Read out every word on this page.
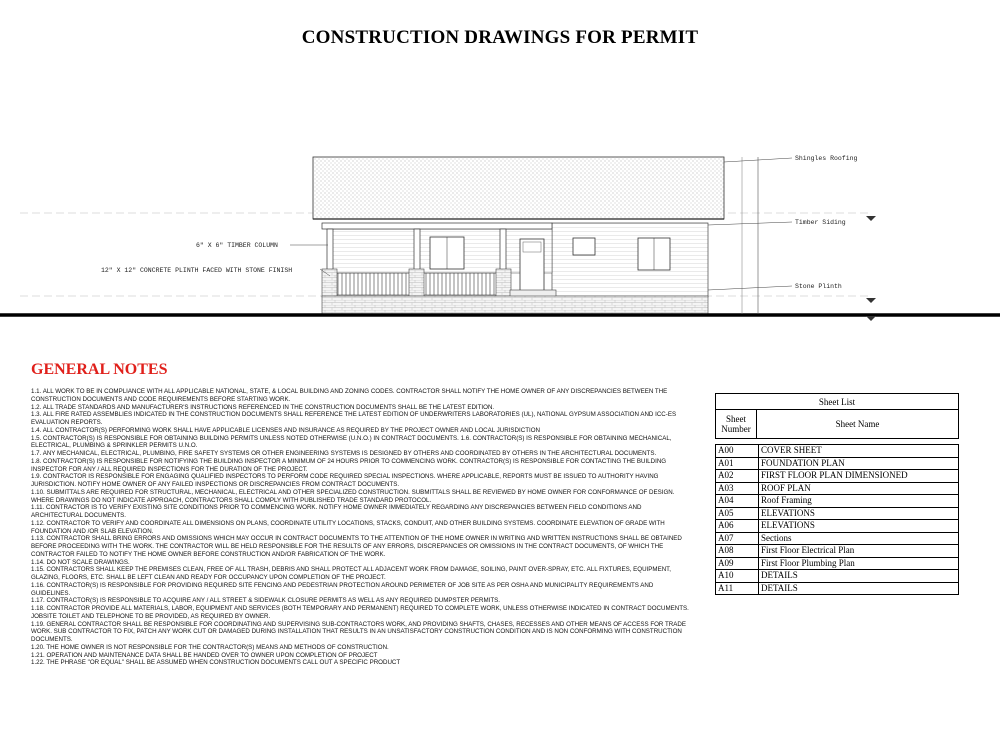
CONSTRUCTION DRAWINGS FOR PERMIT
6" X 6" TIMBER COLUMN
12" X 12" CONCRETE PLINTH FACED WITH STONE FINISH
Shingles Roofing
Timber Siding
Stone Plinth
GENERAL NOTES
1.1. ALL WORK TO BE IN COMPLIANCE WITH ALL APPLICABLE NATIONAL, STATE, & LOCAL BUILDING AND ZONING CODES. CONTRACTOR SHALL NOTIFY THE HOME OWNER OF ANY DISCREPANCIES BETWEEN THE CONSTRUCTION DOCUMENTS AND CODE REQUIREMENTS BEFORE STARTING WORK.
1.2. ALL TRADE STANDARDS AND MANUFACTURER'S INSTRUCTIONS REFERENCED IN THE CONSTRUCTION DOCUMENTS SHALL BE THE LATEST EDITION.
1.3. ALL FIRE RATED ASSEMBLIES INDICATED IN THE CONSTRUCTION DOCUMENTS SHALL REFERENCE THE LATEST EDITION OF UNDERWRITERS LABORATORIES (UL), NATIONAL GYPSUM ASSOCIATION AND ICC-ES EVALUATION REPORTS.
1.4. ALL CONTRACTOR(S) PERFORMING WORK SHALL HAVE APPLICABLE LICENSES AND INSURANCE AS REQUIRED BY THE PROJECT OWNER AND LOCAL JURISDICTION
1.5. CONTRACTOR(S) IS RESPONSIBLE FOR OBTAINING BUILDING PERMITS UNLESS NOTED OTHERWISE (U.N.O.) IN CONTRACT DOCUMENTS. 1.6. CONTRACTOR(S) IS RESPONSIBLE FOR OBTAINING MECHANICAL, ELECTRICAL, PLUMBING & SPRINKLER PERMITS U.N.O.
1.7. ANY MECHANICAL, ELECTRICAL, PLUMBING, FIRE SAFETY SYSTEMS OR OTHER ENGINEERING SYSTEMS IS DESIGNED BY OTHERS AND COORDINATED BY OTHERS IN THE ARCHITECTURAL DOCUMENTS.
1.8. CONTRACTOR(S) IS RESPONSIBLE FOR NOTIFYING THE BUILDING INSPECTOR A MINIMUM OF 24 HOURS PRIOR TO COMMENCING WORK. CONTRACTOR(S) IS RESPONSIBLE FOR CONTACTING THE BUILDING INSPECTOR FOR ANY / ALL REQUIRED INSPECTIONS FOR THE DURATION OF THE PROJECT.
1.9. CONTRACTOR IS RESPONSIBLE FOR ENGAGING QUALIFIED INSPECTORS TO PERFORM CODE REQUIRED SPECIAL INSPECTIONS. WHERE APPLICABLE, REPORTS MUST BE ISSUED TO AUTHORITY HAVING JURISDICTION. NOTIFY HOME OWNER OF ANY FAILED INSPECTIONS OR DISCREPANCIES FROM CONTRACT DOCUMENTS.
1.10. SUBMITTALS ARE REQUIRED FOR STRUCTURAL, MECHANICAL, ELECTRICAL AND OTHER SPECIALIZED CONSTRUCTION. SUBMITTALS SHALL BE REVIEWED BY HOME OWNER FOR CONFORMANCE OF DESIGN. WHERE DRAWINGS DO NOT INDICATE APPROACH, CONTRACTORS SHALL COMPLY WITH PUBLISHED TRADE STANDARD PROTOCOL.
1.11. CONTRACTOR IS TO VERIFY EXISTING SITE CONDITIONS PRIOR TO COMMENCING WORK. NOTIFY HOME OWNER IMMEDIATELY REGARDING ANY DISCREPANCIES BETWEEN FIELD CONDITIONS AND ARCHITECTURAL DOCUMENTS.
1.12. CONTRACTOR TO VERIFY AND COORDINATE ALL DIMENSIONS ON PLANS, COORDINATE UTILITY LOCATIONS, STACKS, CONDUIT, AND OTHER BUILDING SYSTEMS. COORDINATE ELEVATION OF GRADE WITH FOUNDATION AND /OR SLAB ELEVATION.
1.13. CONTRACTOR SHALL BRING ERRORS AND OMISSIONS WHICH MAY OCCUR IN CONTRACT DOCUMENTS TO THE ATTENTION OF THE HOME OWNER IN WRITING AND WRITTEN INSTRUCTIONS SHALL BE OBTAINED BEFORE PROCEEDING WITH THE WORK. THE CONTRACTOR WILL BE HELD RESPONSIBLE FOR THE RESULTS OF ANY ERRORS, DISCREPANCIES OR OMISSIONS IN THE CONTRACT DOCUMENTS, OF WHICH THE CONTRACTOR FAILED TO NOTIFY THE HOME OWNER BEFORE CONSTRUCTION AND/OR FABRICATION OF THE WORK.
1.14. DO NOT SCALE DRAWINGS.
1.15. CONTRACTORS SHALL KEEP THE PREMISES CLEAN, FREE OF ALL TRASH, DEBRIS AND SHALL PROTECT ALL ADJACENT WORK FROM DAMAGE, SOILING, PAINT OVER-SPRAY, ETC. ALL FIXTURES, EQUIPMENT, GLAZING, FLOORS, ETC. SHALL BE LEFT CLEAN AND READY FOR OCCUPANCY UPON COMPLETION OF THE PROJECT.
1.16. CONTRACTOR(S) IS RESPONSIBLE FOR PROVIDING REQUIRED SITE FENCING AND PEDESTRIAN PROTECTION AROUND PERIMETER OF JOB SITE AS PER OSHA AND MUNICIPALITY REQUIREMENTS AND GUIDELINES.
1.17. CONTRACTOR(S) IS RESPONSIBLE TO ACQUIRE ANY / ALL STREET & SIDEWALK CLOSURE PERMITS AS WELL AS ANY REQUIRED DUMPSTER PERMITS.
1.18. CONTRACTOR PROVIDE ALL MATERIALS, LABOR, EQUIPMENT AND SERVICES (BOTH TEMPORARY AND PERMANENT) REQUIRED TO COMPLETE WORK, UNLESS OTHERWISE INDICATED IN CONTRACT DOCUMENTS. JOBSITE TOILET AND TELEPHONE TO BE PROVIDED, AS REQUIRED BY OWNER.
1.19. GENERAL CONTRACTOR SHALL BE RESPONSIBLE FOR COORDINATING AND SUPERVISING SUB-CONTRACTORS WORK, AND PROVIDING SHAFTS, CHASES, RECESSES AND OTHER MEANS OF ACCESS FOR TRADE WORK. SUB CONTRACTOR TO FIX, PATCH ANY WORK CUT OR DAMAGED DURING INSTALLATION THAT RESULTS IN AN UNSATISFACTORY CONSTRUCTION CONDITION AND IS NON CONFORMING WITH CONSTRUCTION DOCUMENTS.
1.20. THE HOME OWNER IS NOT RESPONSIBLE FOR THE CONTRACTOR(S) MEANS AND METHODS OF CONSTRUCTION.
1.21. OPERATION AND MAINTENANCE DATA SHALL BE HANDED OVER TO OWNER UPON COMPLETION OF PROJECT
1.22. THE PHRASE "OR EQUAL" SHALL BE ASSUMED WHEN CONSTRUCTION DOCUMENTS CALL OUT A SPECIFIC PRODUCT
Sheet List
Sheet Number	Sheet Name
A00	COVER SHEET
A01	FOUNDATION PLAN
A02	FIRST FLOOR PLAN DIMENSIONED
A03	ROOF PLAN
A04	Roof Framing
A05	ELEVATIONS
A06	ELEVATIONS
A07	Sections
A08	First Floor Electrical Plan
A09	First Floor Plumbing Plan
A10	DETAILS
A11	DETAILS
